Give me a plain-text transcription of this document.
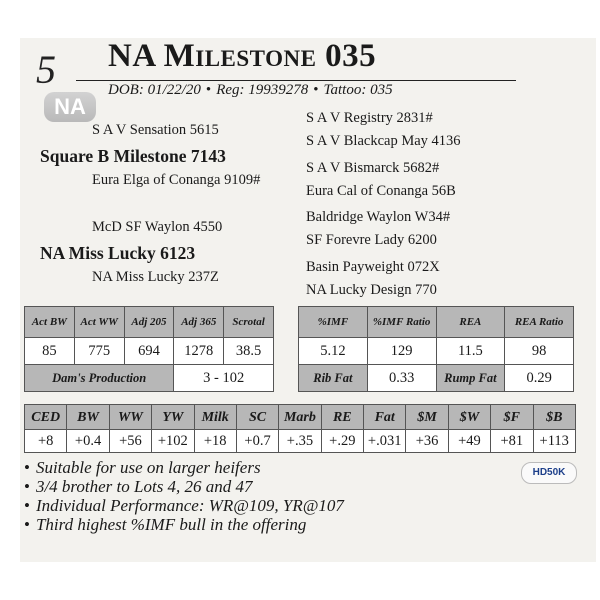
5
NA
NA Milestone 035
DOB: 01/22/20 • Reg: 19939278 • Tattoo: 035
S A V Sensation 5615
Square B Milestone 7143
Eura Elga of Conanga 9109#
McD SF Waylon 4550
NA Miss Lucky 6123
NA Miss Lucky 237Z
S A V Registry 2831#
S A V Blackcap May 4136
S A V Bismarck 5682#
Eura Cal of Conanga 56B
Baldridge Waylon W34#
SF Forevre Lady 6200
Basin Payweight 072X
NA Lucky Design 770
Act BW	Act WW	Adj 205	Adj 365	Scrotal
85	775	694	1278	38.5
Dam's Production			3 - 102	
%IMF	%IMF Ratio	REA	REA Ratio
5.12	129	11.5	98
Rib Fat	0.33	Rump Fat	0.29
CED	BW	WW	YW	Milk	SC	Marb	RE	Fat	$M	$W	$F	$B
+8	+0.4	+56	+102	+18	+0.7	+.35	+.29	+.031	+36	+49	+81	+113
• Suitable for use on larger heifers
• 3/4 brother to Lots 4, 26 and 47
• Individual Performance: WR@109, YR@107
• Third highest %IMF bull in the offering
HD50K
